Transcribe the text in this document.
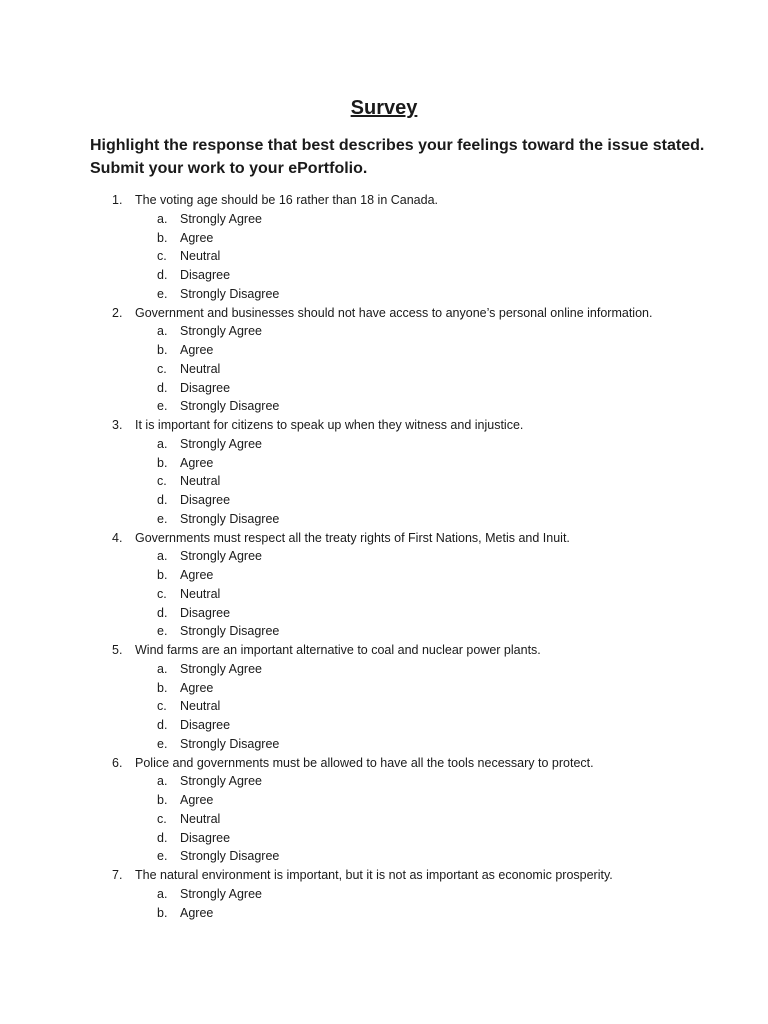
Survey

Highlight the response that best describes your feelings toward the issue stated. Submit your work to your ePortfolio.

1. The voting age should be 16 rather than 18 in Canada.
a. Strongly Agree
b. Agree
c. Neutral
d. Disagree
e. Strongly Disagree
2. Government and businesses should not have access to anyone’s personal online information.
a. Strongly Agree
b. Agree
c. Neutral
d. Disagree
e. Strongly Disagree
3. It is important for citizens to speak up when they witness and injustice.
a. Strongly Agree
b. Agree
c. Neutral
d. Disagree
e. Strongly Disagree
4. Governments must respect all the treaty rights of First Nations, Metis and Inuit.
a. Strongly Agree
b. Agree
c. Neutral
d. Disagree
e. Strongly Disagree
5. Wind farms are an important alternative to coal and nuclear power plants.
a. Strongly Agree
b. Agree
c. Neutral
d. Disagree
e. Strongly Disagree
6. Police and governments must be allowed to have all the tools necessary to protect.
a. Strongly Agree
b. Agree
c. Neutral
d. Disagree
e. Strongly Disagree
7. The natural environment is important, but it is not as important as economic prosperity.
a. Strongly Agree
b. Agree
